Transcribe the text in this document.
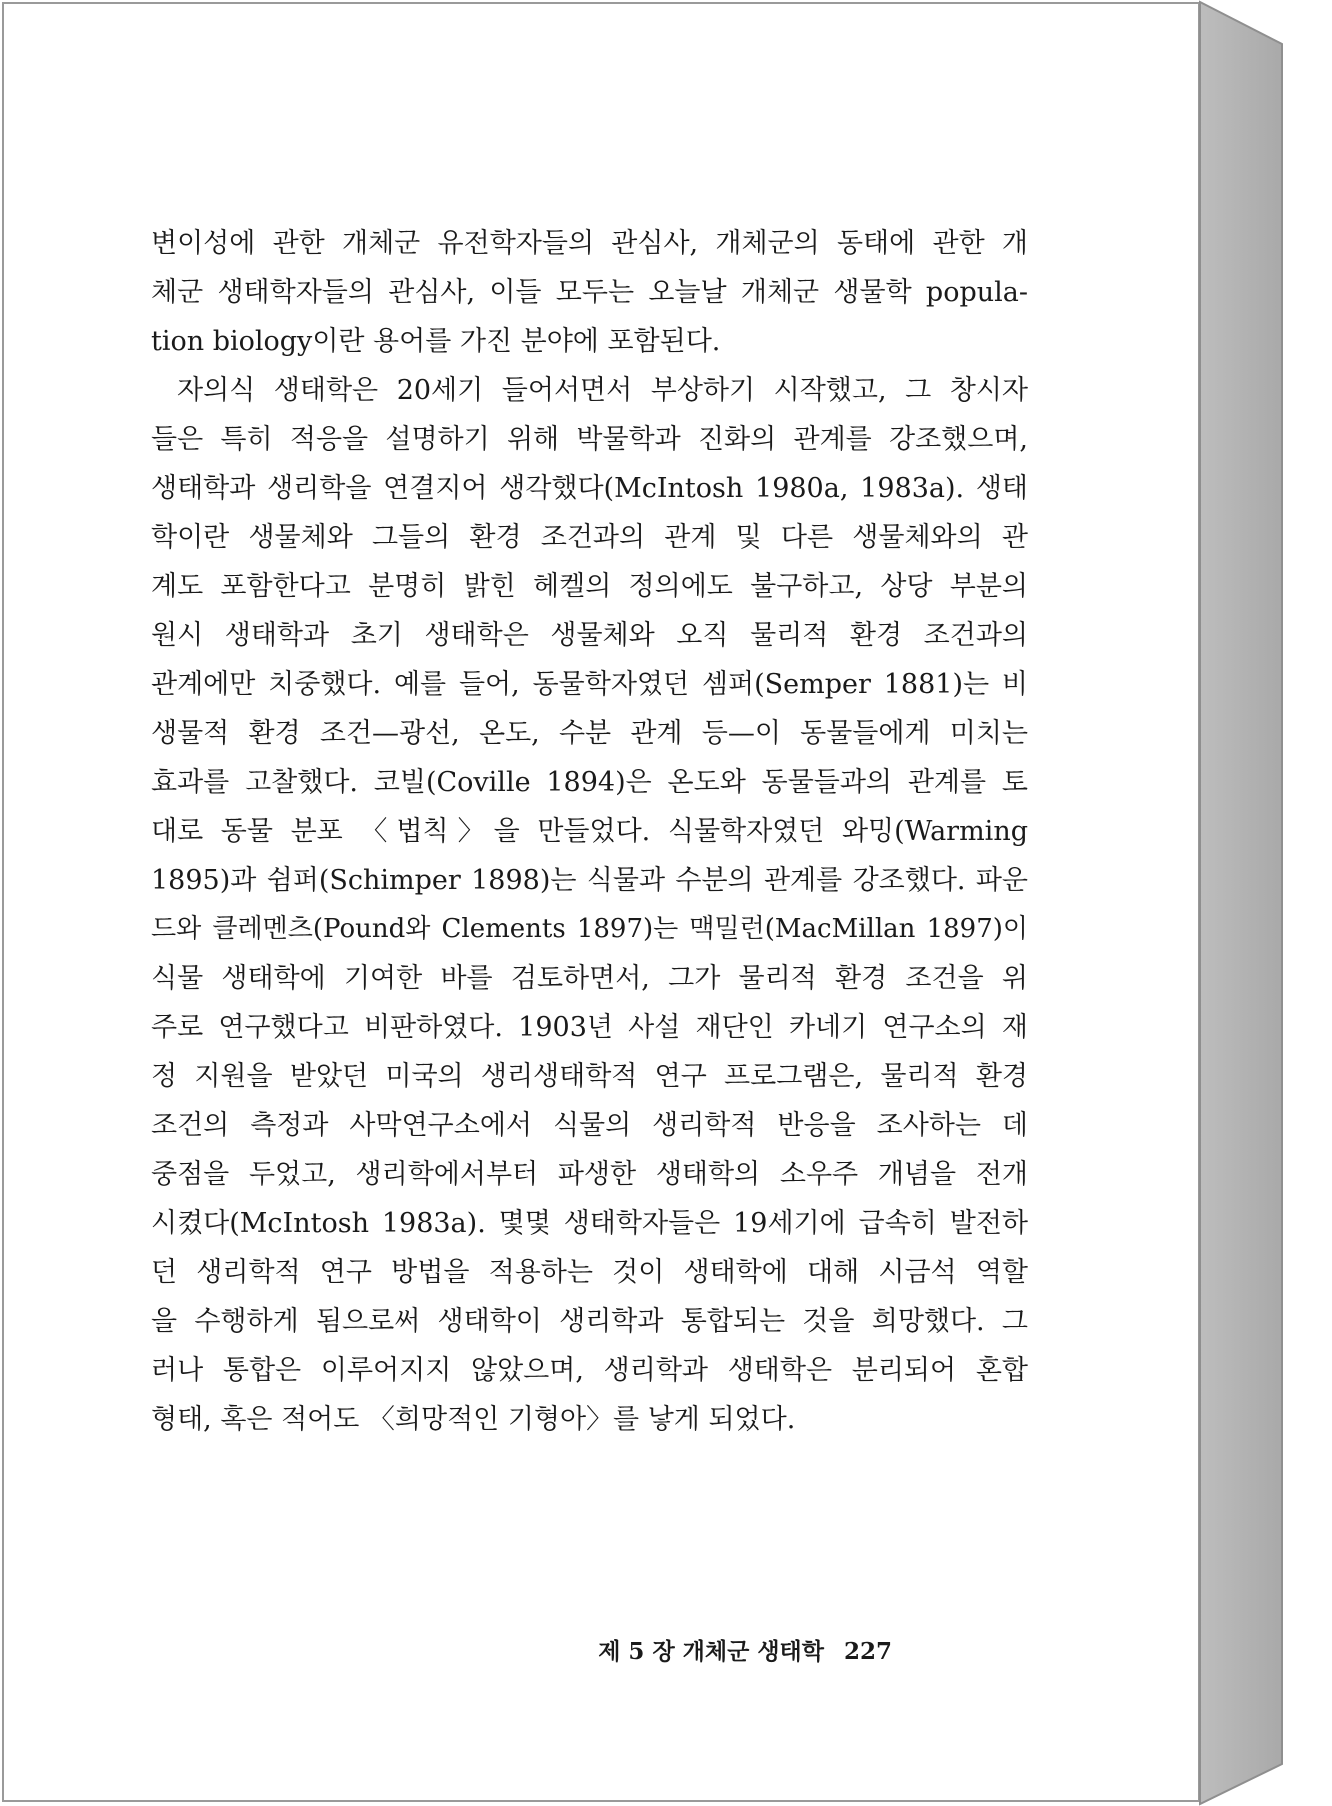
변이성에 관한 개체군 유전학자들의 관심사, 개체군의 동태에 관한 개
체군 생태학자들의 관심사, 이들 모두는 오늘날 개체군 생물학 popula-
tion biology이란 용어를 가진 분야에 포함된다.
자의식 생태학은 20세기 들어서면서 부상하기 시작했고, 그 창시자
들은 특히 적응을 설명하기 위해 박물학과 진화의 관계를 강조했으며,
생태학과 생리학을 연결지어 생각했다(McIntosh 1980a, 1983a). 생태
학이란 생물체와 그들의 환경 조건과의 관계 및 다른 생물체와의 관
계도 포함한다고 분명히 밝힌 헤켈의 정의에도 불구하고, 상당 부분의
원시 생태학과 초기 생태학은 생물체와 오직 물리적 환경 조건과의
관계에만 치중했다. 예를 들어, 동물학자였던 셈퍼(Semper 1881)는 비
생물적 환경 조건—광선, 온도, 수분 관계 등—이 동물들에게 미치는
효과를 고찰했다. 코빌(Coville 1894)은 온도와 동물들과의 관계를 토
대로 동물 분포 〈법칙〉을 만들었다. 식물학자였던 와밍(Warming
1895)과 쉼퍼(Schimper 1898)는 식물과 수분의 관계를 강조했다. 파운
드와 클레멘츠(Pound와 Clements 1897)는 맥밀런(MacMillan 1897)이
식물 생태학에 기여한 바를 검토하면서, 그가 물리적 환경 조건을 위
주로 연구했다고 비판하였다. 1903년 사설 재단인 카네기 연구소의 재
정 지원을 받았던 미국의 생리생태학적 연구 프로그램은, 물리적 환경
조건의 측정과 사막연구소에서 식물의 생리학적 반응을 조사하는 데
중점을 두었고, 생리학에서부터 파생한 생태학의 소우주 개념을 전개
시켰다(McIntosh 1983a). 몇몇 생태학자들은 19세기에 급속히 발전하
던 생리학적 연구 방법을 적용하는 것이 생태학에 대해 시금석 역할
을 수행하게 됨으로써 생태학이 생리학과 통합되는 것을 희망했다. 그
러나 통합은 이루어지지 않았으며, 생리학과 생태학은 분리되어 혼합
형태, 혹은 적어도 〈희망적인 기형아〉를 낳게 되었다.
제 5 장 개체군 생태학 227
